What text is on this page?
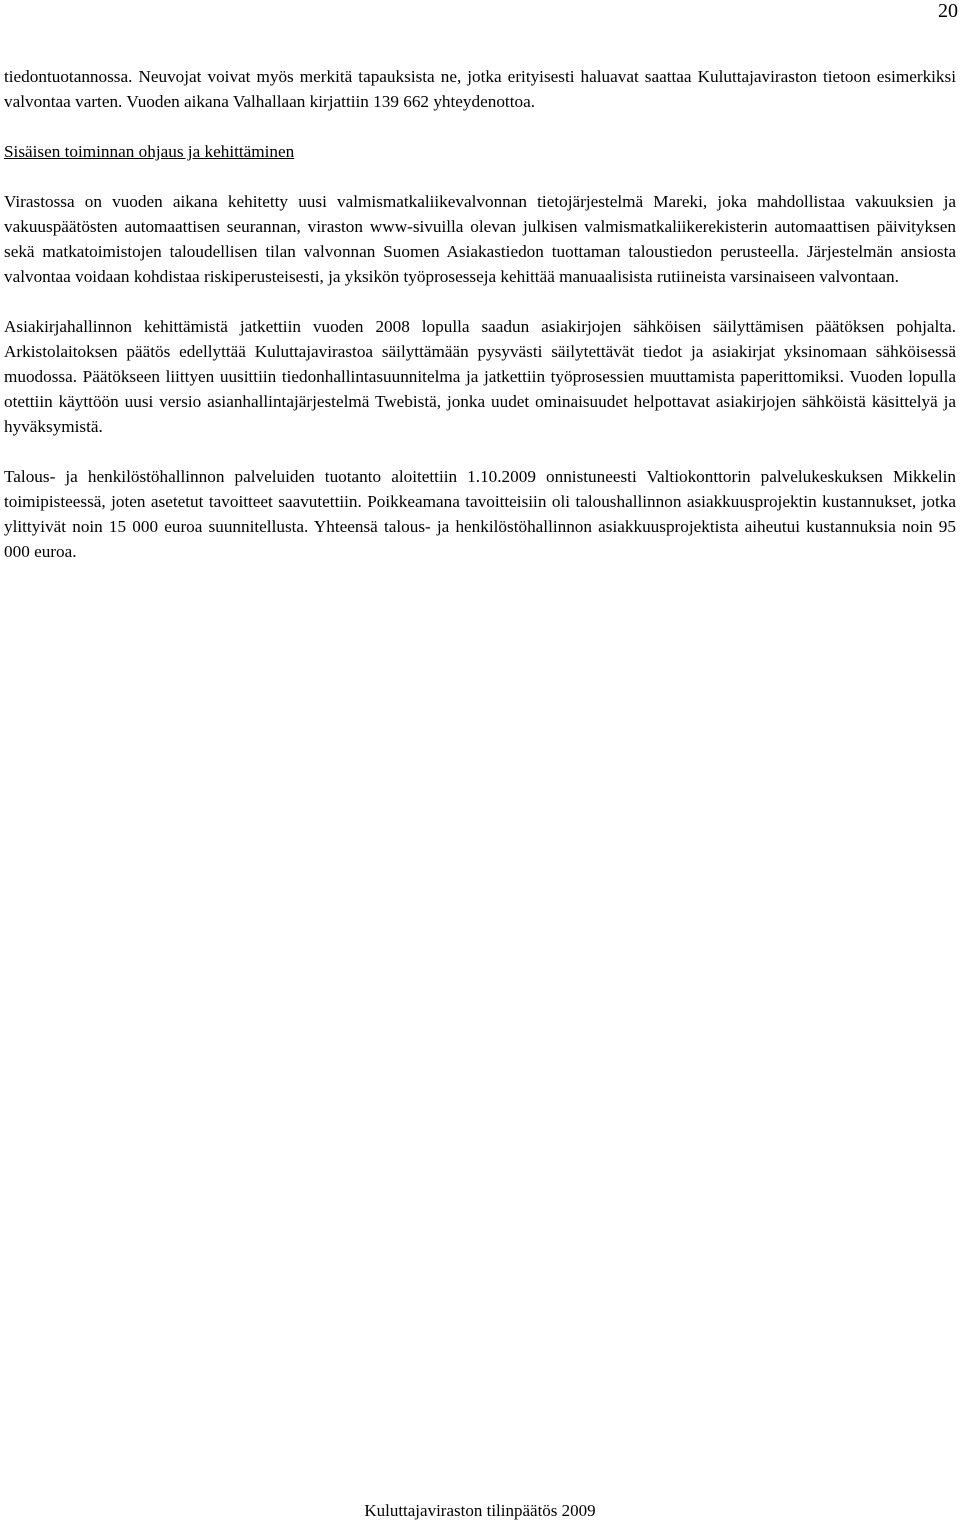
20

tiedontuotannossa. Neuvojat voivat myös merkitä tapauksista ne, jotka erityisesti haluavat saattaa Kuluttajaviraston tietoon esimerkiksi valvontaa varten. Vuoden aikana Valhallaan kirjattiin 139 662 yhteydenottoa.

Sisäisen toiminnan ohjaus ja kehittäminen

Virastossa on vuoden aikana kehitetty uusi valmismatkaliikevalvonnan tietojärjestelmä Mareki, joka mahdollistaa vakuuksien ja vakuuspäätösten automaattisen seurannan, viraston www-sivuilla olevan julkisen valmismatkaliikerekisterin automaattisen päivityksen sekä matkatoimistojen taloudellisen tilan valvonnan Suomen Asiakastiedon tuottaman taloustiedon perusteella. Järjestelmän ansiosta valvontaa voidaan kohdistaa riskiperusteisesti, ja yksikön työprosesseja kehittää manuaalisista rutiineista varsinaiseen valvontaan.

Asiakirjahallinnon kehittämistä jatkettiin vuoden 2008 lopulla saadun asiakirjojen sähköisen säilyttämisen päätöksen pohjalta. Arkistolaitoksen päätös edellyttää Kuluttajavirastoa säilyttämään pysyvästi säilytettävät tiedot ja asiakirjat yksinomaan sähköisessä muodossa. Päätökseen liittyen uusittiin tiedonhallintasuunnitelma ja jatkettiin työprosessien muuttamista paperittomiksi. Vuoden lopulla otettiin käyttöön uusi versio asianhallintajärjestelmä Twebistä, jonka uudet ominaisuudet helpottavat asiakirjojen sähköistä käsittelyä ja hyväksymistä.

Talous- ja henkilöstöhallinnon palveluiden tuotanto aloitettiin 1.10.2009 onnistuneesti Valtiokonttorin palvelukeskuksen Mikkelin toimipisteessä, joten asetetut tavoitteet saavutettiin. Poikkeamana tavoitteisiin oli taloushallinnon asiakkuusprojektin kustannukset, jotka ylittyivät noin 15 000 euroa suunnitellusta. Yhteensä talous- ja henkilöstöhallinnon asiakkuusprojektista aiheutui kustannuksia noin 95 000 euroa.

Kuluttajaviraston tilinpäätös 2009
